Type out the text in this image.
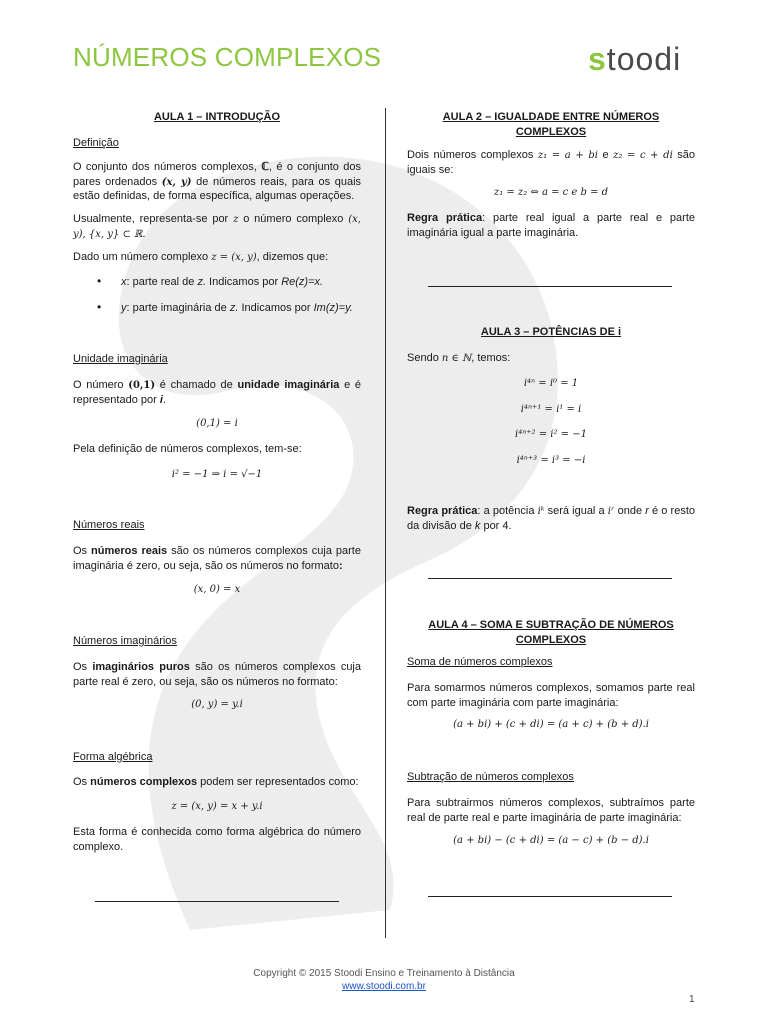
NÚMEROS COMPLEXOS	stoodi
AULA 1 – INTRODUÇÃO
Definição
O conjunto dos números complexos, ℂ, é o conjunto dos pares ordenados (x, y) de números reais, para os quais estão definidas, de forma específica, algumas operações.
Usualmente, representa-se por z o número complexo (x, y), {x, y} ⊂ ℝ.
Dado um número complexo z = (x, y), dizemos que:
• x: parte real de z. Indicamos por Re(z)=x.
• y: parte imaginária de z. Indicamos por Im(z)=y.
Unidade imaginária
O número (0,1) é chamado de unidade imaginária e é representado por i.
(0,1) = i
Pela definição de números complexos, tem-se:
i² = −1 ⇒ i = √−1
Números reais
Os números reais são os números complexos cuja parte imaginária é zero, ou seja, são os números no formato:
(x, 0) = x
Números imaginários
Os imaginários puros são os números complexos cuja parte real é zero, ou seja, são os números no formato:
(0, y) = y.i
Forma algébrica
Os números complexos podem ser representados como:
z = (x, y) = x + y.i
Esta forma é conhecida como forma algébrica do número complexo.
AULA 2 – IGUALDADE ENTRE NÚMEROS COMPLEXOS
Dois números complexos z₁ = a + bi e z₂ = c + di são iguais se:
z₁ = z₂ ⇔ a = c e b = d
Regra prática: parte real igual a parte real e parte imaginária igual a parte imaginária.
AULA 3 – POTÊNCIAS DE i
Sendo n ∈ ℕ, temos:
i⁴ⁿ = i⁰ = 1
i⁴ⁿ⁺¹ = i¹ = i
i⁴ⁿ⁺² = i² = −1
i⁴ⁿ⁺³ = i³ = −i
Regra prática: a potência iᵏ será igual a iʳ onde r é o resto da divisão de k por 4.
AULA 4 – SOMA E SUBTRAÇÃO DE NÚMEROS COMPLEXOS
Soma de números complexos
Para somarmos números complexos, somamos parte real com parte imaginária com parte imaginária:
(a + bi) + (c + di) = (a + c) + (b + d).i
Subtração de números complexos
Para subtrairmos números complexos, subtraímos parte real de parte real e parte imaginária de parte imaginária:
(a + bi) − (c + di) = (a − c) + (b − d).i
Copyright © 2015 Stoodi Ensino e Treinamento à Distância
www.stoodi.com.br
1
